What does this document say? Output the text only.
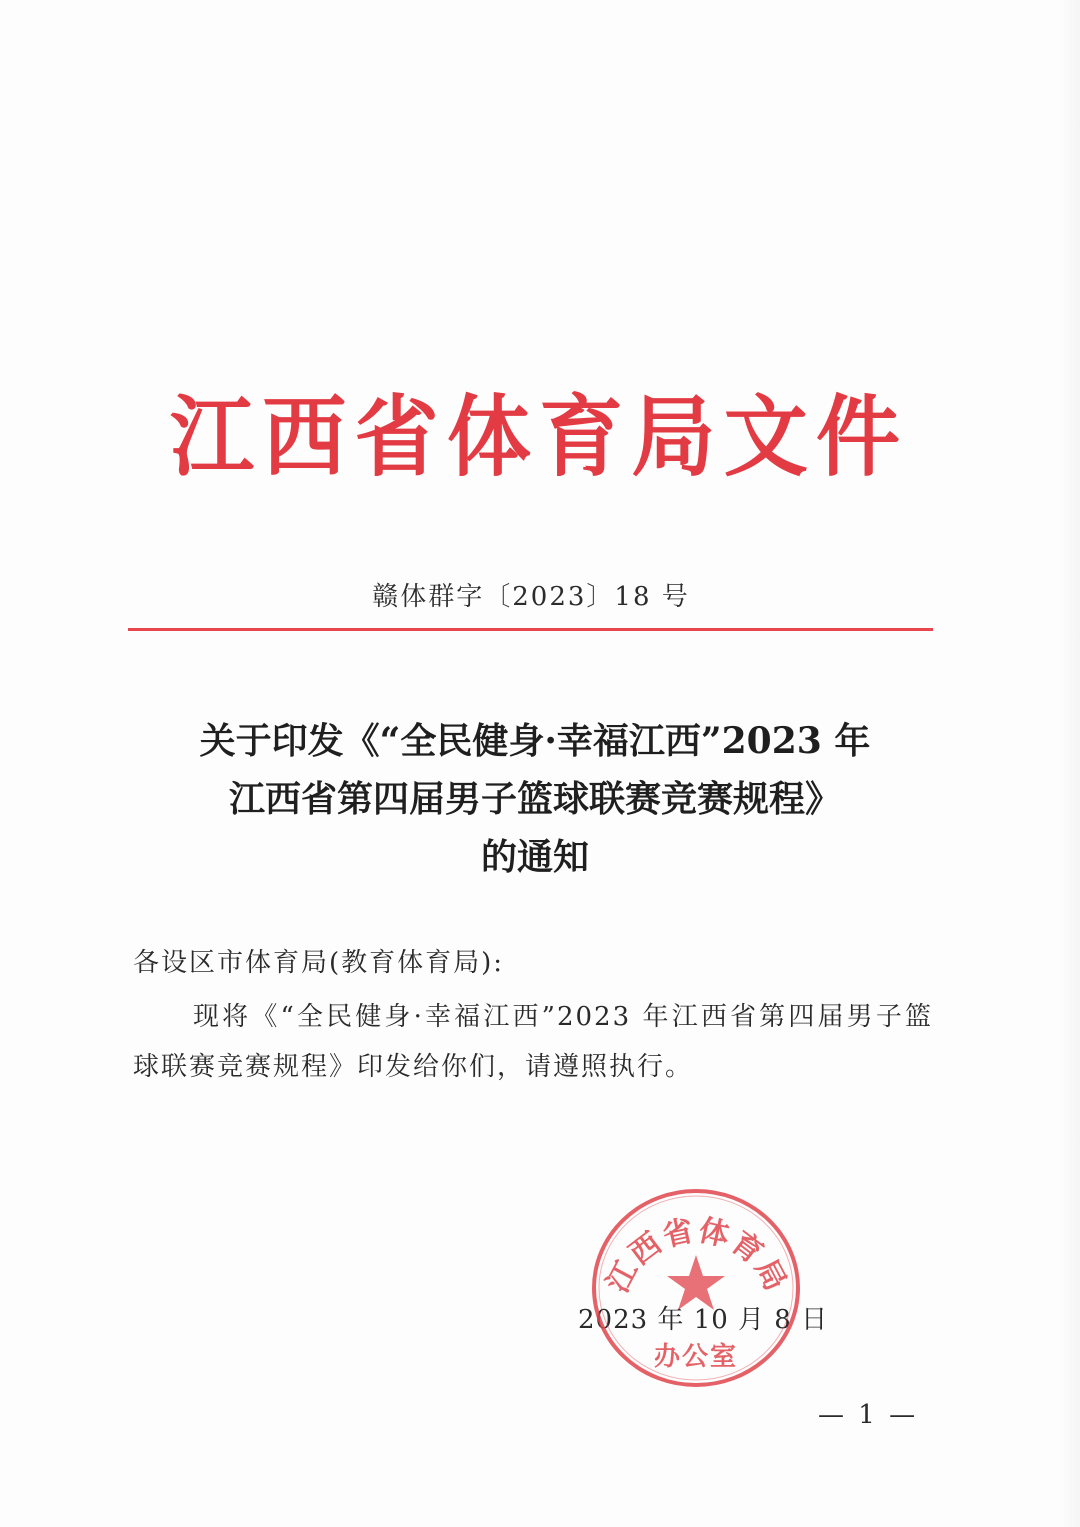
江 西 省 体 育 局 文 件
赣体群字〔2023〕18 号
关于印发《“全民健身·幸福江西”2023 年
江西省第四届男子篮球联赛竞赛规程》
的通知
各设区市体育局(教育体育局):
现将《“全民健身·幸福江西”2023 年江西省第四届男子篮球联赛竞赛规程》印发给你们，请遵照执行。
2023 年 10 月 8 日
江西省体育局
办公室
— 1 —
